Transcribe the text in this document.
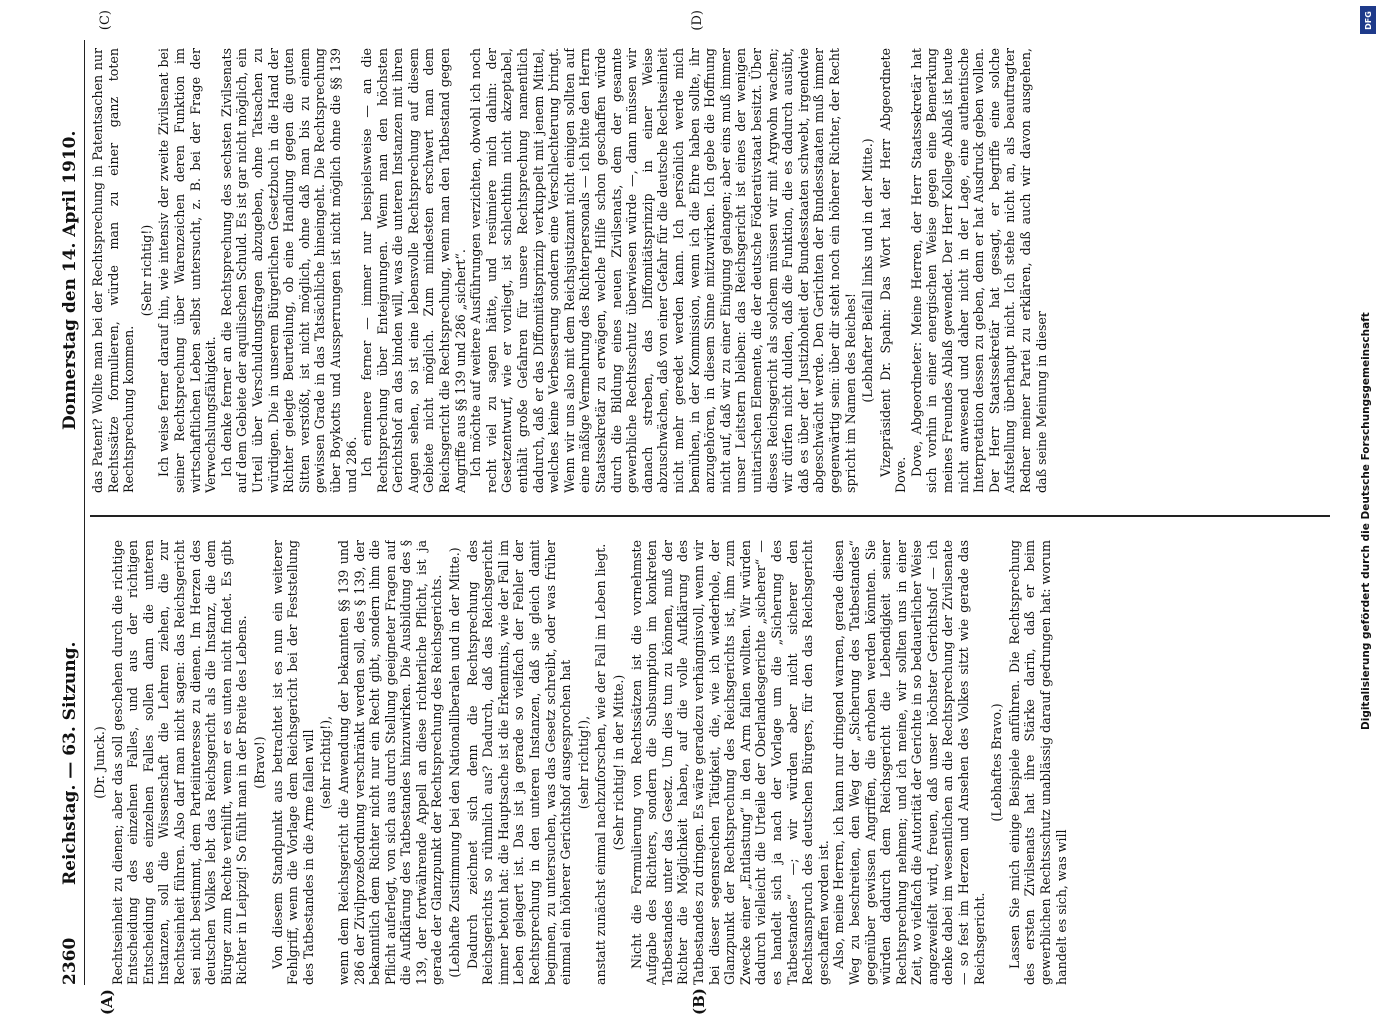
2360
Reichstag. — 63. Sitzung.
Donnerstag den 14. April 1910.

(Dr. Junck.) Rechtseinheit zu dienen; aber das soll geschehen durch die richtige Entscheidung des einzelnen Falles, und aus der richtigen Entscheidung des einzelnen Falles sollen dann die unteren Instanzen, soll die Wissenschaft die Lehren ziehen, die zur Rechtseinheit führen. Also darf man nicht sagen: das Reichsgericht sei nicht bestimmt, dem Parteiinteresse zu dienen. Im Herzen des deutschen Volkes lebt das Reichsgericht als die Instanz, die dem Bürger zum Rechte verhilft, wenn er es unten nicht findet. Es gibt Richter in Leipzig! So fühlt man in der Breite des Lebens. (Bravo!) Von diesem Standpunkt aus betrachtet ist es nun ein weiterer Fehlgriff, wenn die Vorlage dem Reichsgericht bei der Feststellung des Tatbestandes in die Arme fallen will (sehr richtig!), wenn dem Reichsgericht die Anwendung der bekannten §§ 139 und 286 der Zivilprozeßordnung verschränkt werden soll, des § 139, der bekanntlich dem Richter nicht nur ein Recht gibt, sondern ihm die Pflicht auferlegt, von sich aus durch Stellung geeigneter Fragen auf die Aufklärung des Tatbestandes hinzuwirken. Die Ausbildung des § 139, der fortwährende Appell an diese richterliche Pflicht, ist ja gerade der Glanzpunkt der Rechtsprechung des Reichsgerichts. (Lebhafte Zustimmung bei den Nationalliberalen und in der Mitte.) Dadurch zeichnet sich denn die Rechtsprechung des Reichsgerichts so rühmlich aus? Dadurch, daß das Reichsgericht immer betont hat: die Hauptsache ist die Erkenntnis, wie der Fall im Leben gelagert ist. Das ist ja gerade so vielfach der Fehler der Rechtsprechung in den unteren Instanzen, daß sie gleich damit beginnen, zu untersuchen, was das Gesetz schreibt, oder was früher einmal ein höherer Gerichtshof ausgesprochen hat (sehr richtig!), anstatt zunächst einmal nachzuforschen, wie der Fall im Leben liegt. (Sehr richtig! in der Mitte.) Nicht die Formulierung von Rechtssätzen ist die vornehmste Aufgabe des Richters, sondern die Subsumption im konkreten Tatbestandes unter das Gesetz. Um dies tun zu können, muß der Richter die Möglichkeit haben, auf die volle Aufklärung des Tatbestandes zu dringen. Es wäre geradezu verhängnisvoll, wenn wir bei dieser segensreichen Tätigkeit, die, wie ich wiederhole, der Glanzpunkt der Rechtsprechung des Reichsgerichts ist, ihm zum Zwecke einer „Entlastung“ in den Arm fallen wollten. Wir würden dadurch vielleicht die Urteile der Oberlandesgerichte „sicherer“ — es handelt sich ja nach der Vorlage um die „Sicherung des Tatbestandes“ —; wir würden aber nicht sicherer den Rechtsanspruch des deutschen Bürgers, für den das Reichsgericht geschaffen worden ist. Also, meine Herren, ich kann nur dringend warnen, gerade diesen Weg zu beschreiten, den Weg der „Sicherung des Tatbestandes“ gegenüber gewissen Angriffen, die erhoben werden könnten. Sie würden dadurch dem Reichsgericht die Lebendigkeit seiner Rechtsprechung nehmen; und ich meine, wir sollten uns in einer Zeit, wo vielfach die Autorität der Gerichte in so bedauerlicher Weise angezweifelt wird, freuen, daß unser höchster Gerichtshof — ich denke dabei im wesentlichen an die Rechtsprechung der Zivilsenate — so fest im Herzen und Ansehen des Volkes sitzt wie gerade das Reichsgericht.

(Lebhaftes Bravo.) Lassen Sie mich einige Beispiele anführen. Die Rechtsprechung des ersten Zivilsenats hat ihre Stärke darin, daß er beim gewerblichen Rechtsschutz unablässig darauf gedrungen hat: worum handelt es sich, was will

das Patent? Wollte man bei der Rechtsprechung in Patentsachen nur Rechtssätze formulieren, würde man zu einer ganz toten Rechtsprechung kommen.

(Sehr richtig!) Ich weise ferner darauf hin, wie intensiv der zweite Zivilsenat bei seiner Rechtsprechung über Warenzeichen deren Funktion im wirtschaftlichen Leben selbst untersucht, z. B. bei der Frage der Verwechslungsfähigkeit. Ich denke ferner an die Rechtsprechung des sechsten Zivilsenats auf dem Gebiete der aquilischen Schuld. Es ist gar nicht möglich, ein Urteil über Verschuldungsfragen abzugeben, ohne Tatsachen zu würdigen. Die in unserem Bürgerlichen Gesetzbuch in die Hand der Richter gelegte Beurteilung, ob eine Handlung gegen die guten Sitten verstößt, ist nicht möglich, ohne daß man bis zu einem gewissen Grade in das Tatsächliche hineingeht. Die Rechtsprechung über Boykotts und Aussperrungen ist nicht möglich ohne die §§ 139 und 286. Ich erinnere ferner — immer nur beispielsweise — an die Rechtsprechung über Enteignungen. Wenn man den höchsten Gerichtshof an das binden will, was die unteren Instanzen mit ihren Augen sehen, so ist eine lebensvolle Rechtsprechung auf diesem Gebiete nicht möglich. Zum mindesten erschwert man dem Reichsgericht die Rechtsprechung, wenn man den Tatbestand gegen Angriffe aus §§ 139 und 286 „sichert“. Ich möchte auf weitere Ausführungen verzichten, obwohl ich noch recht viel zu sagen hätte, und resümiere mich dahin: der Gesetzentwurf, wie er vorliegt, ist schlechthin nicht akzeptabel, enthält große Gefahren für unsere Rechtsprechung namentlich dadurch, daß er das Diffomitätsprinzip verkuppelt mit jenem Mittel, welches keine Verbesserung sondern eine Verschlechterung bringt. Wenn wir uns also mit dem Reichsjustizamt nicht einigen sollten auf eine mäßige Vermehrung des Richterpersonals — ich bitte den Herrn Staatssekretär zu erwägen, welche Hilfe schon geschaffen würde durch die Bildung eines neuen Zivilsenats, dem der gesamte gewerbliche Rechtsschutz überwiesen würde —, dann müssen wir danach streben, das Diffomitätsprinzip in einer Weise abzuschwächen, daß von einer Gefahr für die deutsche Rechtseinheit nicht mehr geredet werden kann. Ich persönlich werde mich bemühen, in der Kommission, wenn ich die Ehre haben sollte, ihr anzugehören, in diesem Sinne mitzuwirken. Ich gebe die Hoffnung nicht auf, daß wir zu einer Einigung gelangen; aber eins muß immer unser Leitstern bleiben: das Reichsgericht ist eines der wenigen unitarischen Elemente, die der deutsche Föderativstaat besitzt. Über dieses Reichsgericht als solchem müssen wir mit Argwohn wachen; wir dürfen nicht dulden, daß die Funktion, die es dadurch ausübt, daß es über der Justizhoheit der Bundesstaaten schwebt, irgendwie abgeschwächt werde. Den Gerichten der Bundesstaaten muß immer gegenwärtig sein: über dir steht noch ein höherer Richter, der Recht spricht im Namen des Reiches! (Lebhafter Beifall links und in der Mitte.) Vizepräsident Dr. Spahn: Das Wort hat der Herr Abgeordnete Dove. Dove, Abgeordneter: Meine Herren, der Herr Staatssekretär hat sich vorhin in einer energischen Weise gegen eine Bemerkung meines Freundes Ablaß gewendet. Der Herr Kollege Ablaß ist heute nicht anwesend und daher nicht in der Lage, eine authentische Interpretation dessen zu geben, denn er hat Ausdruck geben wollen. Der Herr Staatssekretär hat gesagt, er begriffe eine solche Aufstellung überhaupt nicht. Ich stehe nicht an, als beauftragter Redner meiner Partei zu erklären, daß auch wir davon ausgehen, daß seine Meinung in dieser

(A)	(B)
(C)	(D)	DFG
Digitalisierung gefördert durch die Deutsche Forschungsgemeinschaft
